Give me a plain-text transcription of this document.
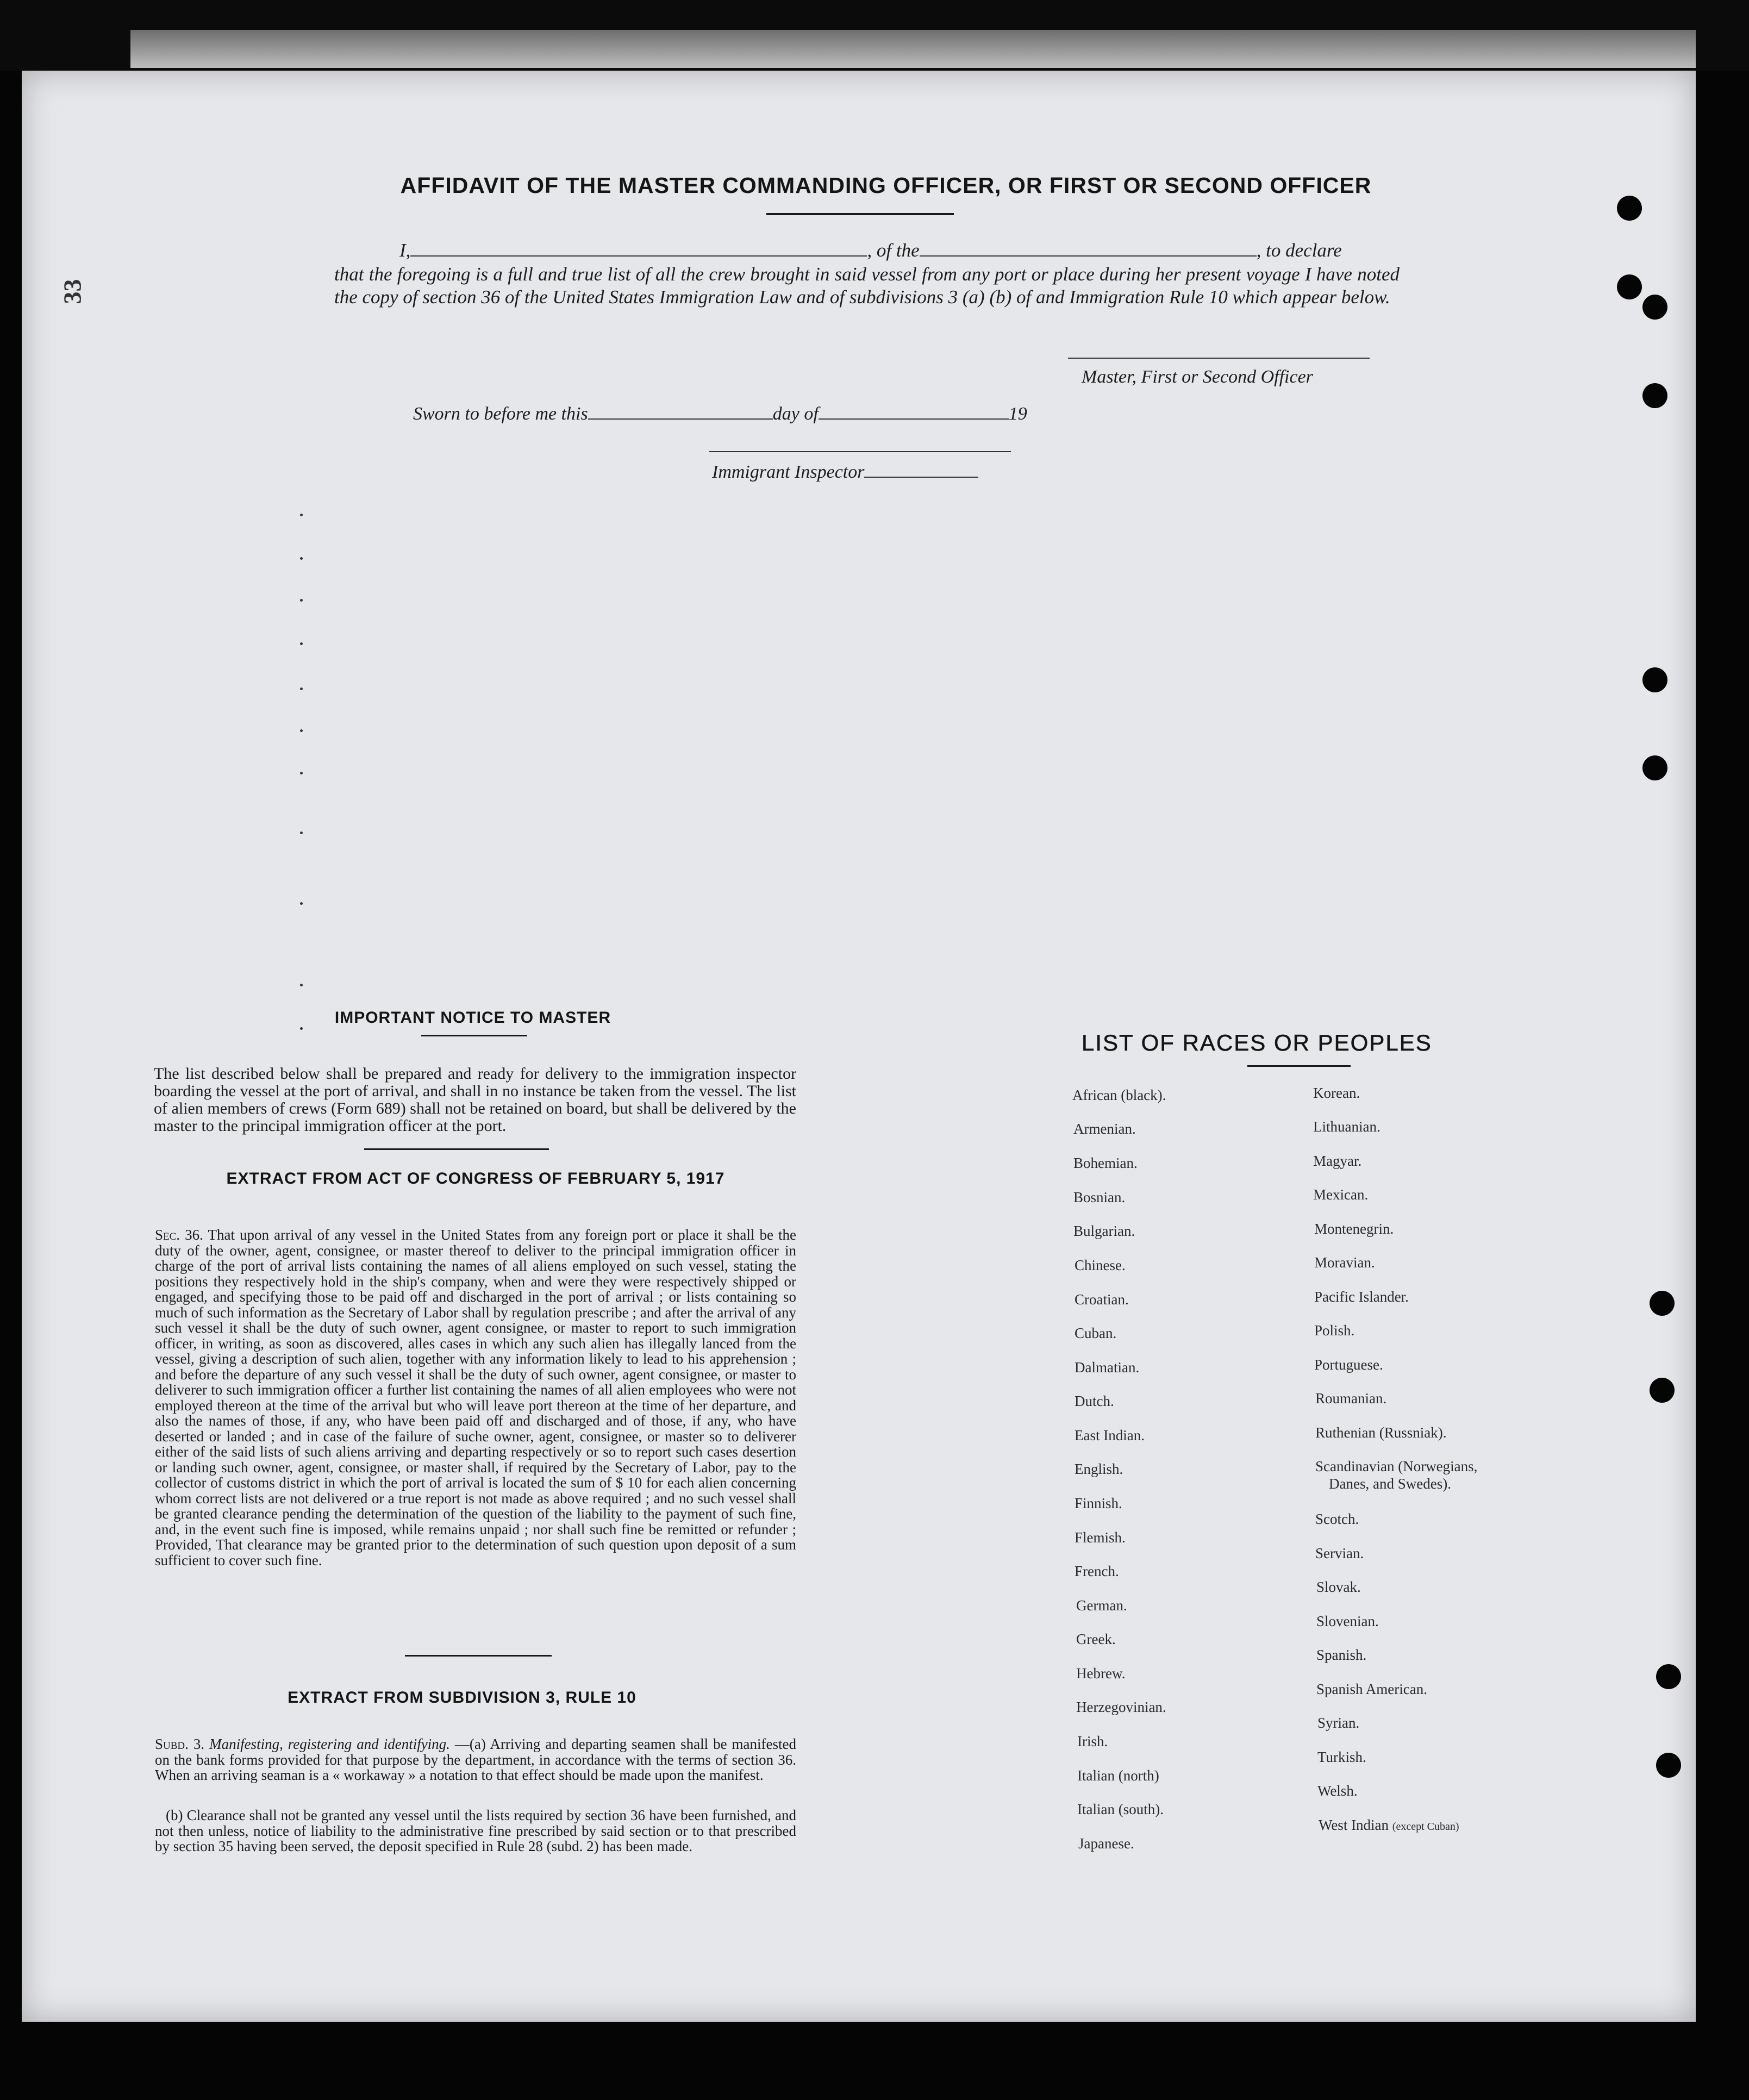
33
AFFIDAVIT OF THE MASTER COMMANDING OFFICER, OR FIRST OR SECOND OFFICER
I,	, of the	, to declare
that the foregoing is a full and true list of all the crew brought in said vessel from any port or place during her present voyage I have noted the copy of section 36 of the United States Immigration Law and of subdivisions 3 (a) (b) of and Immigration Rule 10 which appear below.
Master, First or Second Officer
Sworn to before me this	day of	19
Immigrant Inspector
IMPORTANT NOTICE TO MASTER
The list described below shall be prepared and ready for delivery to the immigration inspector boarding the vessel at the port of arrival, and shall in no instance be taken from the vessel. The list of alien members of crews (Form 689) shall not be retained on board, but shall be delivered by the master to the principal immigration officer at the port.
EXTRACT FROM ACT OF CONGRESS OF FEBRUARY 5, 1917
Sec. 36. That upon arrival of any vessel in the United States from any foreign port or place it shall be the duty of the owner, agent, consignee, or master thereof to deliver to the principal immigration officer in charge of the port of arrival lists containing the names of all aliens employed on such vessel, stating the positions they respectively hold in the ship's company, when and were they were respectively shipped or engaged, and specifying those to be paid off and discharged in the port of arrival ; or lists containing so much of such information as the Secretary of Labor shall by regulation prescribe ; and after the arrival of any such vessel it shall be the duty of such owner, agent consignee, or master to report to such immigration officer, in writing, as soon as discovered, alles cases in which any such alien has illegally lanced from the vessel, giving a description of such alien, together with any information likely to lead to his apprehension ; and before the departure of any such vessel it shall be the duty of such owner, agent consignee, or master to deliverer to such immigration officer a further list containing the names of all alien employees who were not employed thereon at the time of the arrival but who will leave port thereon at the time of her departure, and also the names of those, if any, who have been paid off and discharged and of those, if any, who have deserted or landed ; and in case of the failure of suche owner, agent, consignee, or master so to deliverer either of the said lists of such aliens arriving and departing respectively or so to report such cases desertion or landing such owner, agent, consignee, or master shall, if required by the Secretary of Labor, pay to the collector of customs district in which the port of arrival is located the sum of $ 10 for each alien concerning whom correct lists are not delivered or a true report is not made as above required ; and no such vessel shall be granted clearance pending the determination of the question of the liability to the payment of such fine, and, in the event such fine is imposed, while remains unpaid ; nor shall such fine be remitted or refunder ; Provided, That clearance may be granted prior to the determination of such question upon deposit of a sum sufficient to cover such fine.
EXTRACT FROM SUBDIVISION 3, RULE 10
Subd. 3. Manifesting, registering and identifying. —(a) Arriving and departing seamen shall be manifested on the bank forms provided for that purpose by the department, in accordance with the terms of section 36. When an arriving seaman is a « workaway » a notation to that effect should be made upon the manifest.
(b) Clearance shall not be granted any vessel until the lists required by section 36 have been furnished, and not then unless, notice of liability to the administrative fine prescribed by said section or to that prescribed by section 35 having been served, the deposit specified in Rule 28 (subd. 2) has been made.
LIST OF RACES OR PEOPLES
African (black).
Armenian.
Bohemian.
Bosnian.
Bulgarian.
Chinese.
Croatian.
Cuban.
Dalmatian.
Dutch.
East Indian.
English.
Finnish.
Flemish.
French.
German.
Greek.
Hebrew.
Herzegovinian.
Irish.
Italian (north)
Italian (south).
Japanese.
Korean.
Lithuanian.
Magyar.
Mexican.
Montenegrin.
Moravian.
Pacific Islander.
Polish.
Portuguese.
Roumanian.
Ruthenian (Russniak).
Scandinavian (Norwegians,
Danes, and Swedes).
Scotch.
Servian.
Slovak.
Slovenian.
Spanish.
Spanish American.
Syrian.
Turkish.
Welsh.
West Indian (except Cuban)
